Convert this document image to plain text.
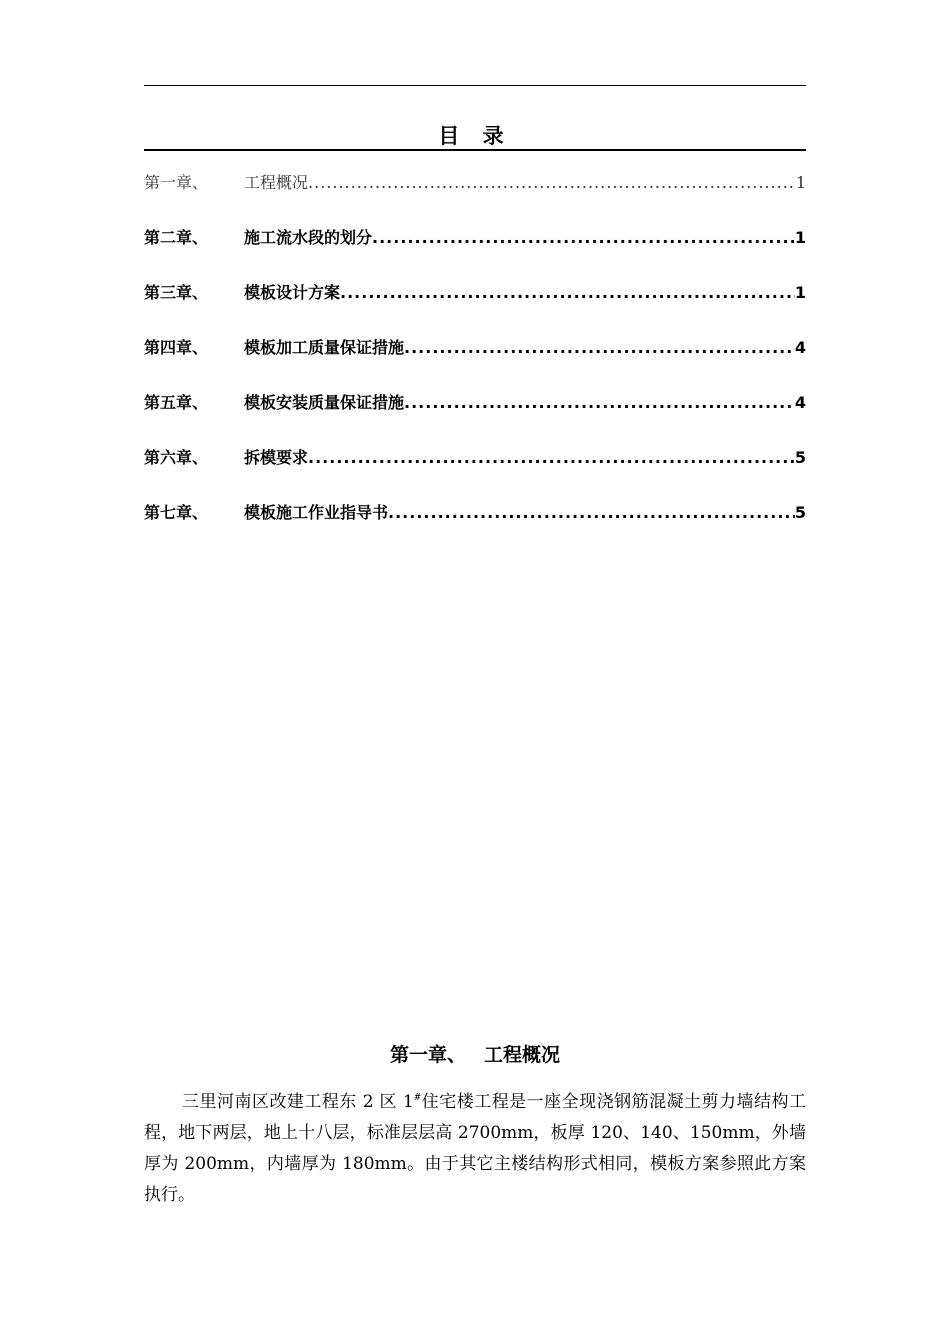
目 录
第一章、	工程概况 .....	1
第二章、	施工流水段的划分 .....	1
第三章、	模板设计方案 .....	1
第四章、	模板加工质量保证措施 .....	4
第五章、	模板安装质量保证措施 .....	4
第六章、	拆模要求 .....	5
第七章、	模板施工作业指导书 .....	5
第一章、 工程概况

三里河南区改建工程东 2 区 1#住宅楼工程是一座全现浇钢筋混凝土剪力墙结构工程，地下两层，地上十八层，标准层层高 2700mm，板厚 120、140、150mm，外墙厚为 200mm，内墙厚为 180mm。由于其它主楼结构形式相同，模板方案参照此方案执行。
